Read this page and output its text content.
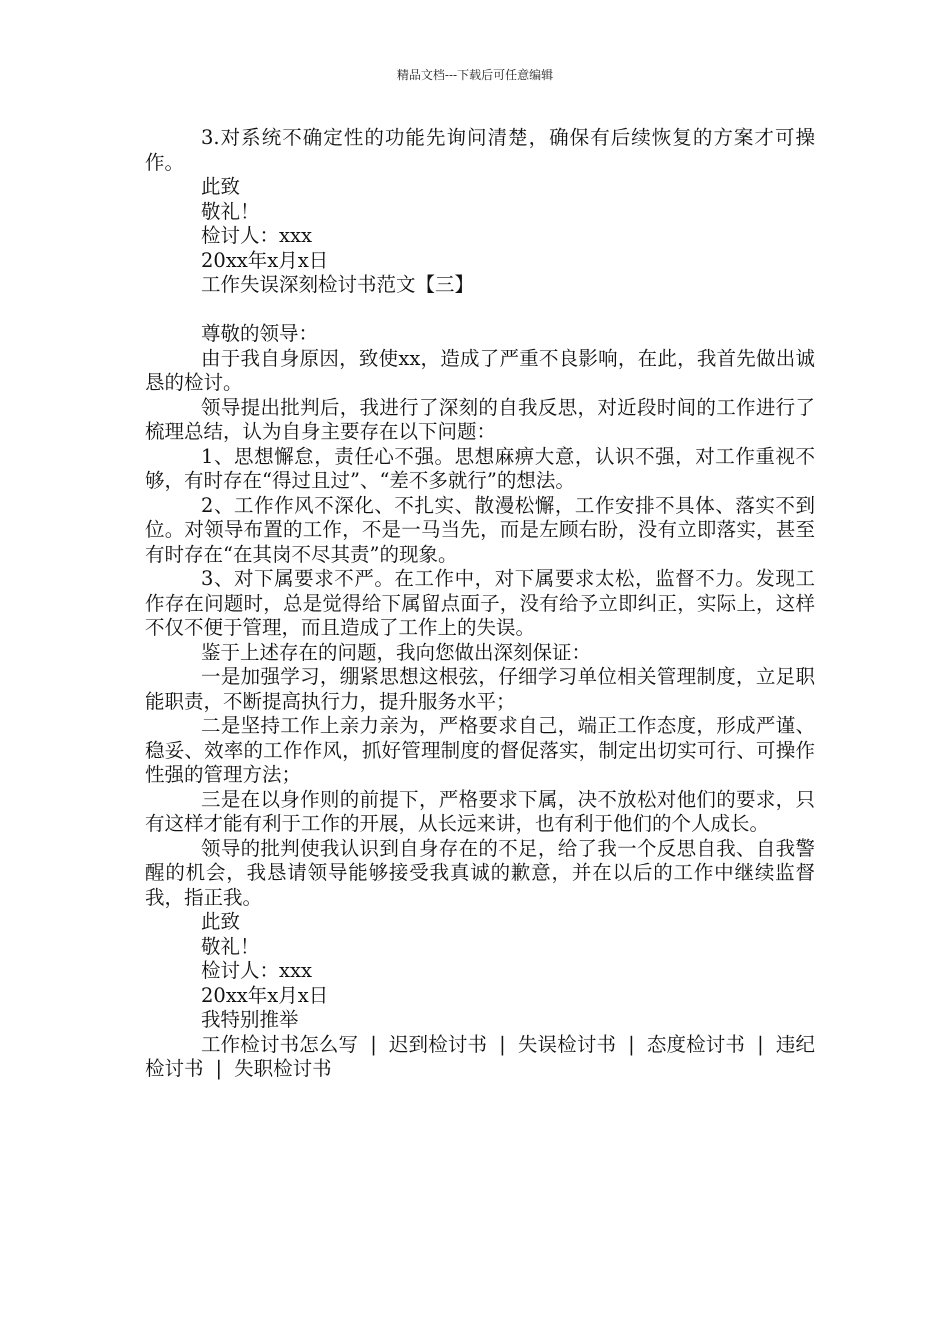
精品文档---下载后可任意编辑

3.对系统不确定性的功能先询问清楚，确保有后续恢复的方案才可操作。

此致

敬礼！

检讨人：xxx

20xx年x月x日

工作失误深刻检讨书范文【三】

尊敬的领导：

由于我自身原因，致使xx，造成了严重不良影响，在此，我首先做出诚恳的检讨。

领导提出批判后，我进行了深刻的自我反思，对近段时间的工作进行了梳理总结，认为自身主要存在以下问题：

1、思想懈怠，责任心不强。思想麻痹大意，认识不强，对工作重视不够，有时存在“得过且过”、“差不多就行”的想法。

2、工作作风不深化、不扎实、散漫松懈，工作安排不具体、落实不到位。对领导布置的工作，不是一马当先，而是左顾右盼，没有立即落实，甚至有时存在“在其岗不尽其责”的现象。

3、对下属要求不严。在工作中，对下属要求太松，监督不力。发现工作存在问题时，总是觉得给下属留点面子，没有给予立即纠正，实际上，这样不仅不便于管理，而且造成了工作上的失误。

鉴于上述存在的问题，我向您做出深刻保证：

一是加强学习，绷紧思想这根弦，仔细学习单位相关管理制度，立足职能职责，不断提高执行力，提升服务水平；

二是坚持工作上亲力亲为，严格要求自己，端正工作态度，形成严谨、稳妥、效率的工作作风，抓好管理制度的督促落实，制定出切实可行、可操作性强的管理方法；

三是在以身作则的前提下，严格要求下属，决不放松对他们的要求，只有这样才能有利于工作的开展，从长远来讲，也有利于他们的个人成长。

领导的批判使我认识到自身存在的不足，给了我一个反思自我、自我警醒的机会，我恳请领导能够接受我真诚的歉意，并在以后的工作中继续监督我，指正我。

此致

敬礼！

检讨人：xxx

20xx年x月x日

我特别推举

工作检讨书怎么写 | 迟到检讨书 | 失误检讨书 | 态度检讨书 | 违纪检讨书 | 失职检讨书
